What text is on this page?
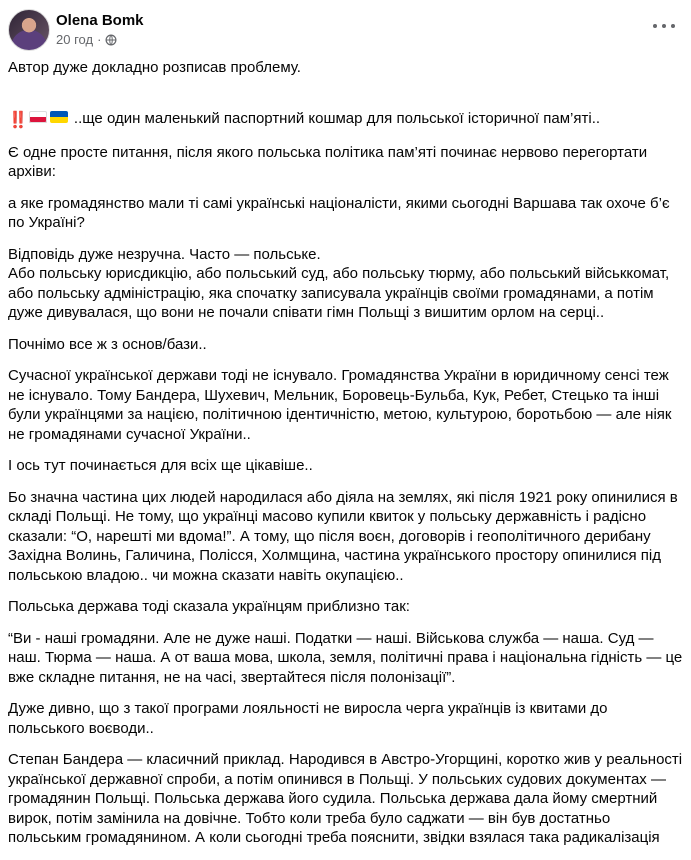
Olena Bomk
20 год ·

Автор дуже докладно розписав проблему.

‼️	..ще один маленький паспортний кошмар для польської історичної пам’яті..

Є одне просте питання, після якого польська політика пам’яті починає нервово перегортати архіви:

а яке громадянство мали ті самі українські націоналісти, якими сьогодні Варшава так охоче б’є по Україні?

Відповідь дуже незручна. Часто — польське.
Або польську юрисдикцію, або польський суд, або польську тюрму, або польський військкомат, або польську адміністрацію, яка спочатку записувала українців своїми громадянами, а потім дуже дивувалася, що вони не почали співати гімн Польщі з вишитим орлом на серці..

Почнімо все ж з основ/бази..

Сучасної української держави тоді не існувало. Громадянства України в юридичному сенсі теж не існувало. Тому Бандера, Шухевич, Мельник, Боровець-Бульба, Кук, Ребет, Стецько та інші були українцями за нацією, політичною ідентичністю, метою, культурою, боротьбою — але ніяк не громадянами сучасної України..

І ось тут починається для всіх ще цікавіше..

Бо значна частина цих людей народилася або діяла на землях, які після 1921 року опинилися в складі Польщі. Не тому, що українці масово купили квиток у польську державність і радісно сказали: “О, нарешті ми вдома!”. А тому, що після воєн, договорів і геополітичного дерибану Західна Волинь, Галичина, Полісся, Холмщина, частина українського простору опинилися під польською владою.. чи можна сказати навіть окупацією..

Польська держава тоді сказала українцям приблизно так:

“Ви - наші громадяни. Але не дуже наші. Податки — наші. Військова служба — наша. Суд — наш. Тюрма — наша. А от ваша мова, школа, земля, політичні права і національна гідність — це вже складне питання, не на часі, звертайтеся після полонізації”.

Дуже дивно, що з такої програми лояльності не виросла черга українців із квитами до польського воєводи..

Степан Бандера — класичний приклад. Народився в Австро-Угорщині, коротко жив у реальності української державної спроби, а потім опинився в Польщі. У польських судових документах — громадянин Польщі. Польська держава його судила. Польська держава дала йому смертний вирок, потім замінила на довічне. Тобто коли треба було саджати — він був достатньо польським громадянином. А коли сьогодні треба пояснити, звідки взялася така радикалізація
